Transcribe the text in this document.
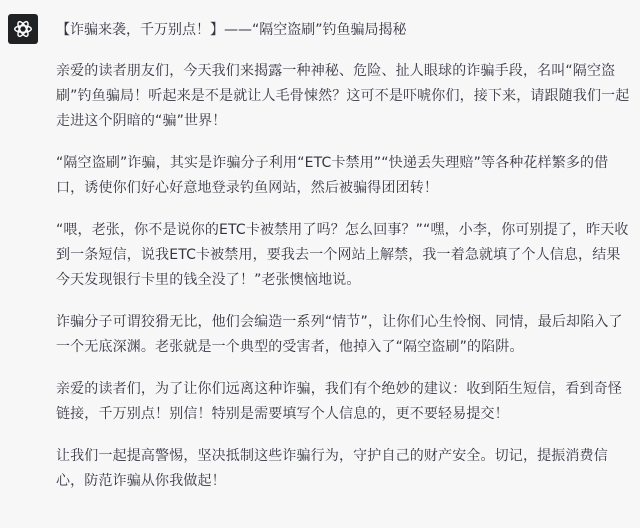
【诈骗来袭，千万别点！】——“隔空盗刷”钓鱼骗局揭秘

亲爱的读者朋友们，今天我们来揭露一种神秘、危险、扯人眼球的诈骗手段，名叫“隔空盗刷”钓鱼骗局！听起来是不是就让人毛骨悚然？这可不是吓唬你们，接下来，请跟随我们一起走进这个阴暗的“骗”世界！

“隔空盗刷”诈骗，其实是诈骗分子利用“ETC卡禁用”“快递丢失理赔”等各种花样繁多的借口，诱使你们好心好意地登录钓鱼网站，然后被骗得团团转！

“喂，老张，你不是说你的ETC卡被禁用了吗？怎么回事？”“嘿，小李，你可别提了，昨天收到一条短信，说我ETC卡被禁用，要我去一个网站上解禁，我一着急就填了个人信息，结果今天发现银行卡里的钱全没了！”老张懊恼地说。

诈骗分子可谓狡猾无比，他们会编造一系列“情节”，让你们心生怜悯、同情，最后却陷入了一个无底深渊。老张就是一个典型的受害者，他掉入了“隔空盗刷”的陷阱。

亲爱的读者们，为了让你们远离这种诈骗，我们有个绝妙的建议：收到陌生短信，看到奇怪链接，千万别点！别信！特别是需要填写个人信息的，更不要轻易提交！

让我们一起提高警惕，坚决抵制这些诈骗行为，守护自己的财产安全。切记，提振消费信心，防范诈骗从你我做起！
